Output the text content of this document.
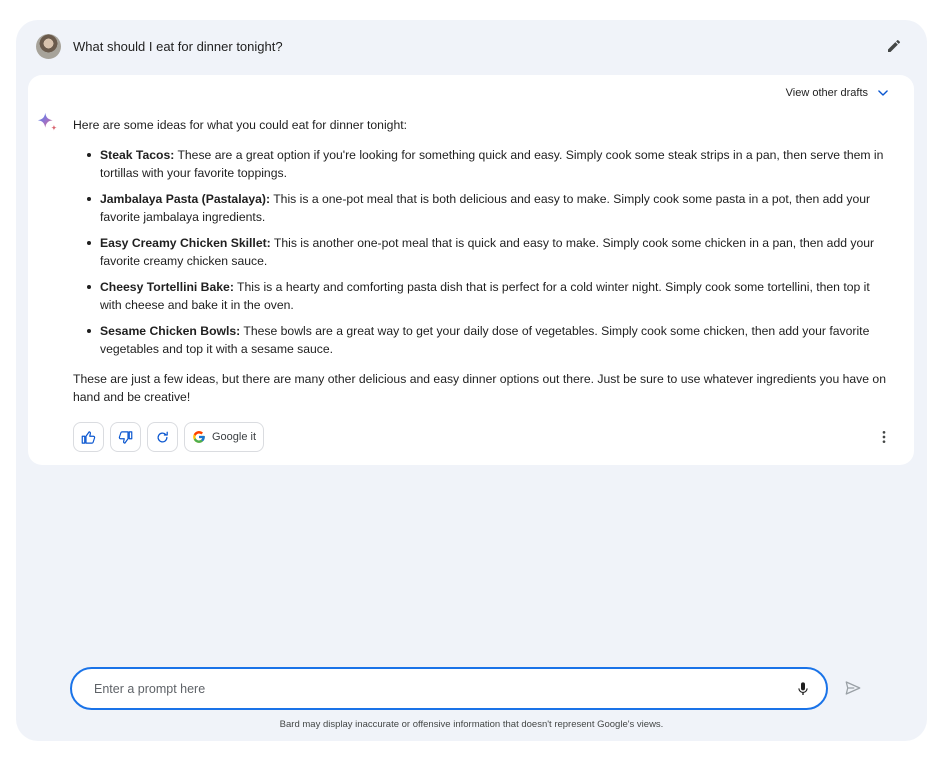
What should I eat for dinner tonight?
View other drafts

Here are some ideas for what you could eat for dinner tonight:

Steak Tacos: These are a great option if you're looking for something quick and easy. Simply cook some steak strips in a pan, then serve them in tortillas with your favorite toppings.
Jambalaya Pasta (Pastalaya): This is a one-pot meal that is both delicious and easy to make. Simply cook some pasta in a pot, then add your favorite jambalaya ingredients.
Easy Creamy Chicken Skillet: This is another one-pot meal that is quick and easy to make. Simply cook some chicken in a pan, then add your favorite creamy chicken sauce.
Cheesy Tortellini Bake: This is a hearty and comforting pasta dish that is perfect for a cold winter night. Simply cook some tortellini, then top it with cheese and bake it in the oven.
Sesame Chicken Bowls: These bowls are a great way to get your daily dose of vegetables. Simply cook some chicken, then add your favorite vegetables and top it with a sesame sauce.

These are just a few ideas, but there are many other delicious and easy dinner options out there. Just be sure to use whatever ingredients you have on hand and be creative!

Google it
Enter a prompt here
Bard may display inaccurate or offensive information that doesn't represent Google's views.
